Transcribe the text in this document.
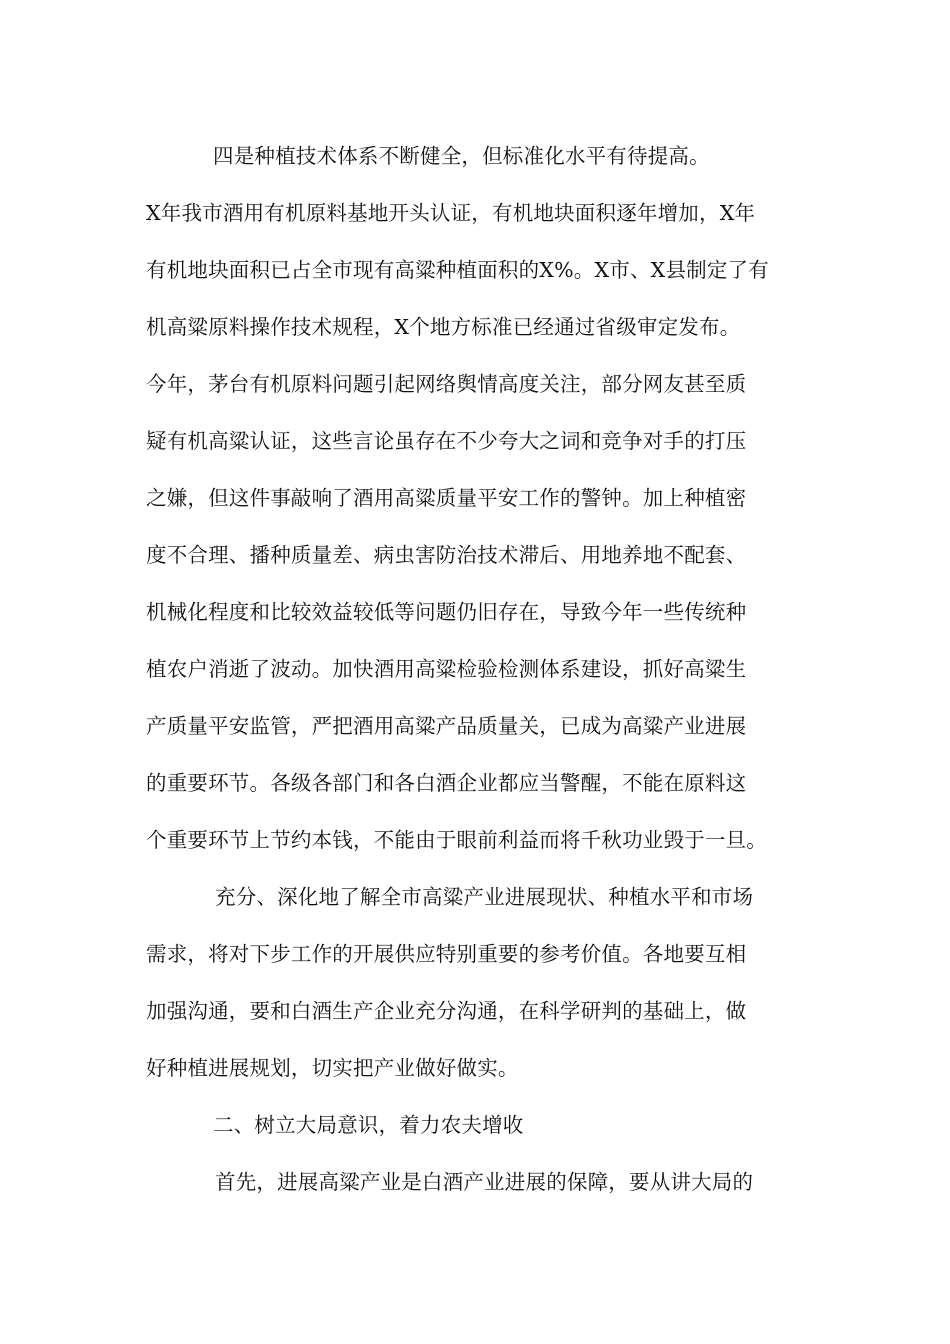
四是种植技术体系不断健全，但标准化水平有待提高。
X年我市酒用有机原料基地开头认证，有机地块面积逐年增加，X年
有机地块面积已占全市现有高粱种植面积的X%。X市、X县制定了有
机高粱原料操作技术规程，X个地方标准已经通过省级审定发布。
今年，茅台有机原料问题引起网络舆情高度关注，部分网友甚至质
疑有机高粱认证，这些言论虽存在不少夸大之词和竞争对手的打压
之嫌，但这件事敲响了酒用高粱质量平安工作的警钟。加上种植密
度不合理、播种质量差、病虫害防治技术滞后、用地养地不配套、
机械化程度和比较效益较低等问题仍旧存在，导致今年一些传统种
植农户消逝了波动。加快酒用高粱检验检测体系建设，抓好高粱生
产质量平安监管，严把酒用高粱产品质量关，已成为高粱产业进展
的重要环节。各级各部门和各白酒企业都应当警醒，不能在原料这
个重要环节上节约本钱，不能由于眼前利益而将千秋功业毁于一旦。
充分、深化地了解全市高粱产业进展现状、种植水平和市场
需求，将对下步工作的开展供应特别重要的参考价值。各地要互相
加强沟通，要和白酒生产企业充分沟通，在科学研判的基础上，做
好种植进展规划，切实把产业做好做实。
二、树立大局意识，着力农夫增收
首先，进展高粱产业是白酒产业进展的保障，要从讲大局的
